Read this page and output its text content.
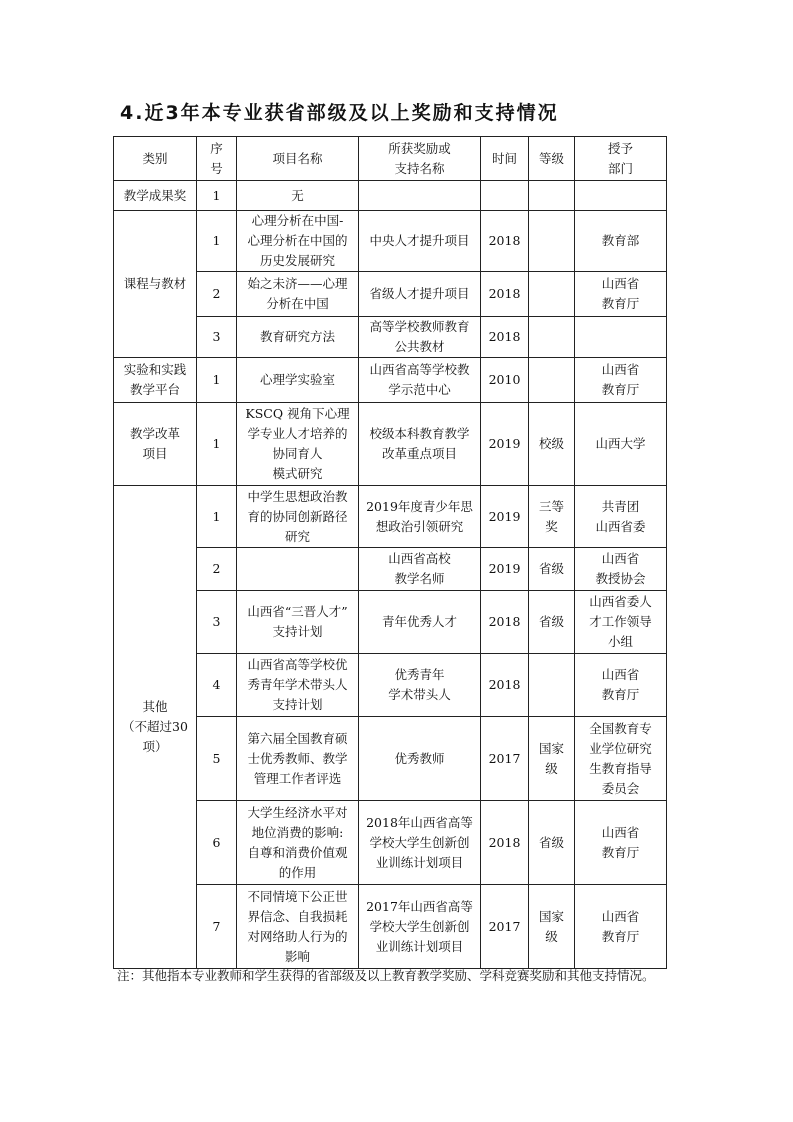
4.近3年本专业获省部级及以上奖励和支持情况
类别	序
号	项目名称	所获奖励或
支持名称	时间	等级	授予
部门
教学成果奖	1	无				
课程与教材	1	心理分析在中国-
心理分析在中国的
历史发展研究	中央人才提升项目	2018		教育部
	2	始之未济——心理
分析在中国	省级人才提升项目	2018		山西省
教育厅
	3	教育研究方法	高等学校教师教育
公共教材	2018		
实验和实践
教学平台	1	心理学实验室	山西省高等学校教
学示范中心	2010		山西省
教育厅
教学改革
项目	1	KSCQ 视角下心理
学专业人才培养的
协同育人
模式研究	校级本科教育教学
改革重点项目	2019	校级	山西大学
其他
（不超过30
项）	1	中学生思想政治教
育的协同创新路径
研究	2019年度青少年思
想政治引领研究	2019	三等
奖	共青团
山西省委
	2		山西省高校
教学名师	2019	省级	山西省
教授协会
	3	山西省“三晋人才”
支持计划	青年优秀人才	2018	省级	山西省委人
才工作领导
小组
	4	山西省高等学校优
秀青年学术带头人
支持计划	优秀青年
学术带头人	2018		山西省
教育厅
	5	第六届全国教育硕
士优秀教师、教学
管理工作者评选	优秀教师	2017	国家
级	全国教育专
业学位研究
生教育指导
委员会
	6	大学生经济水平对
地位消费的影响:
自尊和消费价值观
的作用	2018年山西省高等
学校大学生创新创
业训练计划项目	2018	省级	山西省
教育厅
	7	不同情境下公正世
界信念、自我损耗
对网络助人行为的
影响	2017年山西省高等
学校大学生创新创
业训练计划项目	2017	国家
级	山西省
教育厅
注：其他指本专业教师和学生获得的省部级及以上教育教学奖励、学科竞赛奖励和其他支持情况。
